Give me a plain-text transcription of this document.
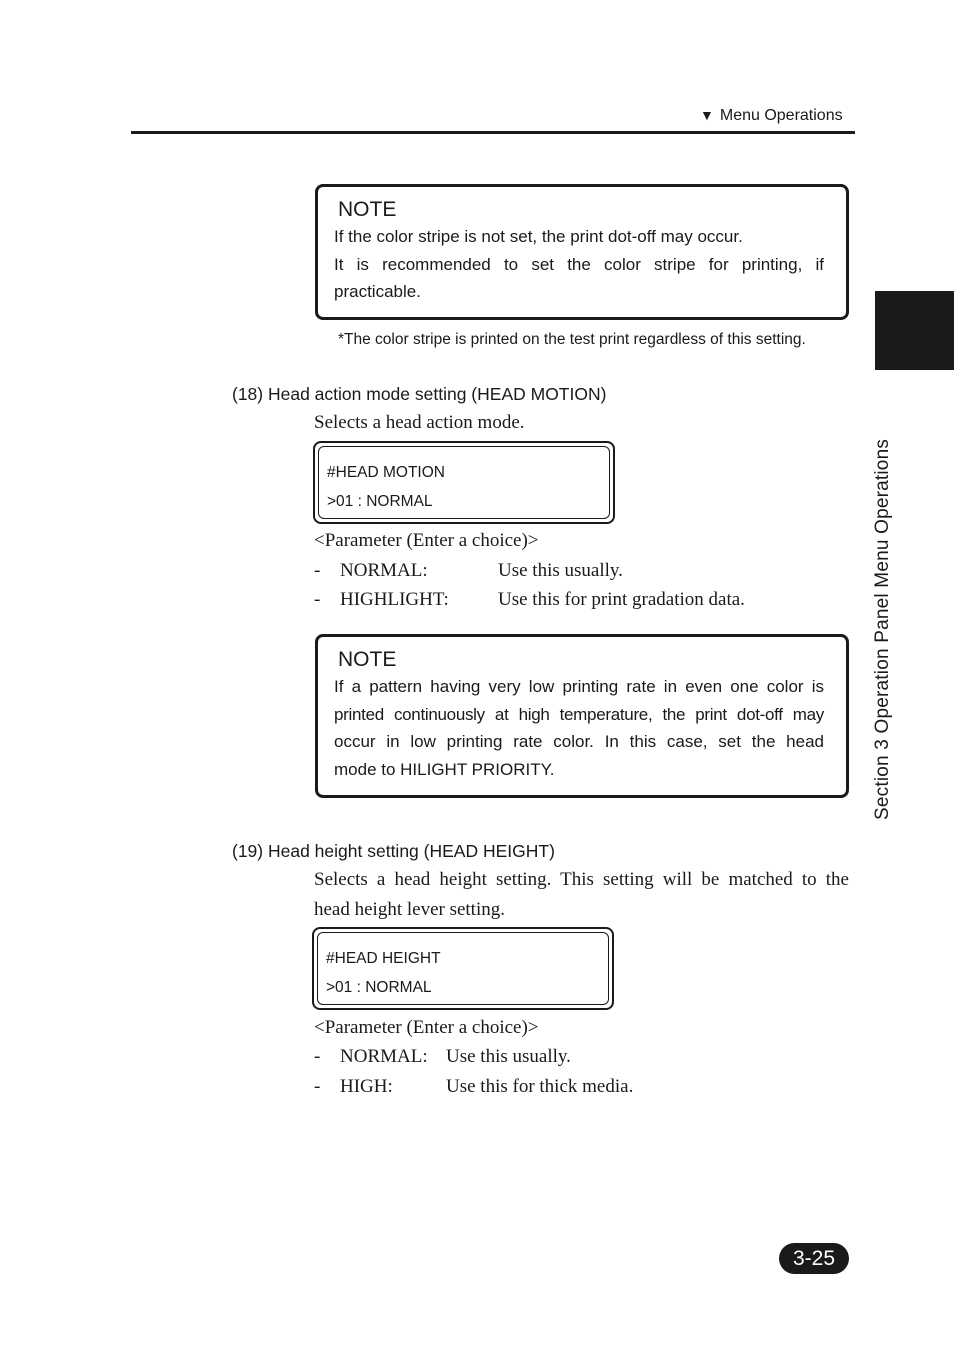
▼ Menu Operations
Section 3 Operation Panel Menu Operations
NOTE
If the color stripe is not set, the print dot-off may occur.
It is recommended to set the color stripe for printing, if
practicable.
*The color stripe is printed on the test print regardless of this setting.
(18) Head action mode setting (HEAD MOTION)
Selects a head action mode.
#HEAD MOTION
>01 : NORMAL
<Parameter (Enter a choice)>
- NORMAL:	Use this usually.
- HIGHLIGHT:	Use this for print gradation data.
NOTE
If a pattern having very low printing rate in even one color is
printed continuously at high temperature, the print dot-off may
occur in low printing rate color. In this case, set the head
mode to HILIGHT PRIORITY.
(19) Head height setting (HEAD HEIGHT)
Selects a head height setting. This setting will be matched to the
head height lever setting.
#HEAD HEIGHT
>01 : NORMAL
<Parameter (Enter a choice)>
- NORMAL: Use this usually.
- HIGH:	Use this for thick media.
3-25
